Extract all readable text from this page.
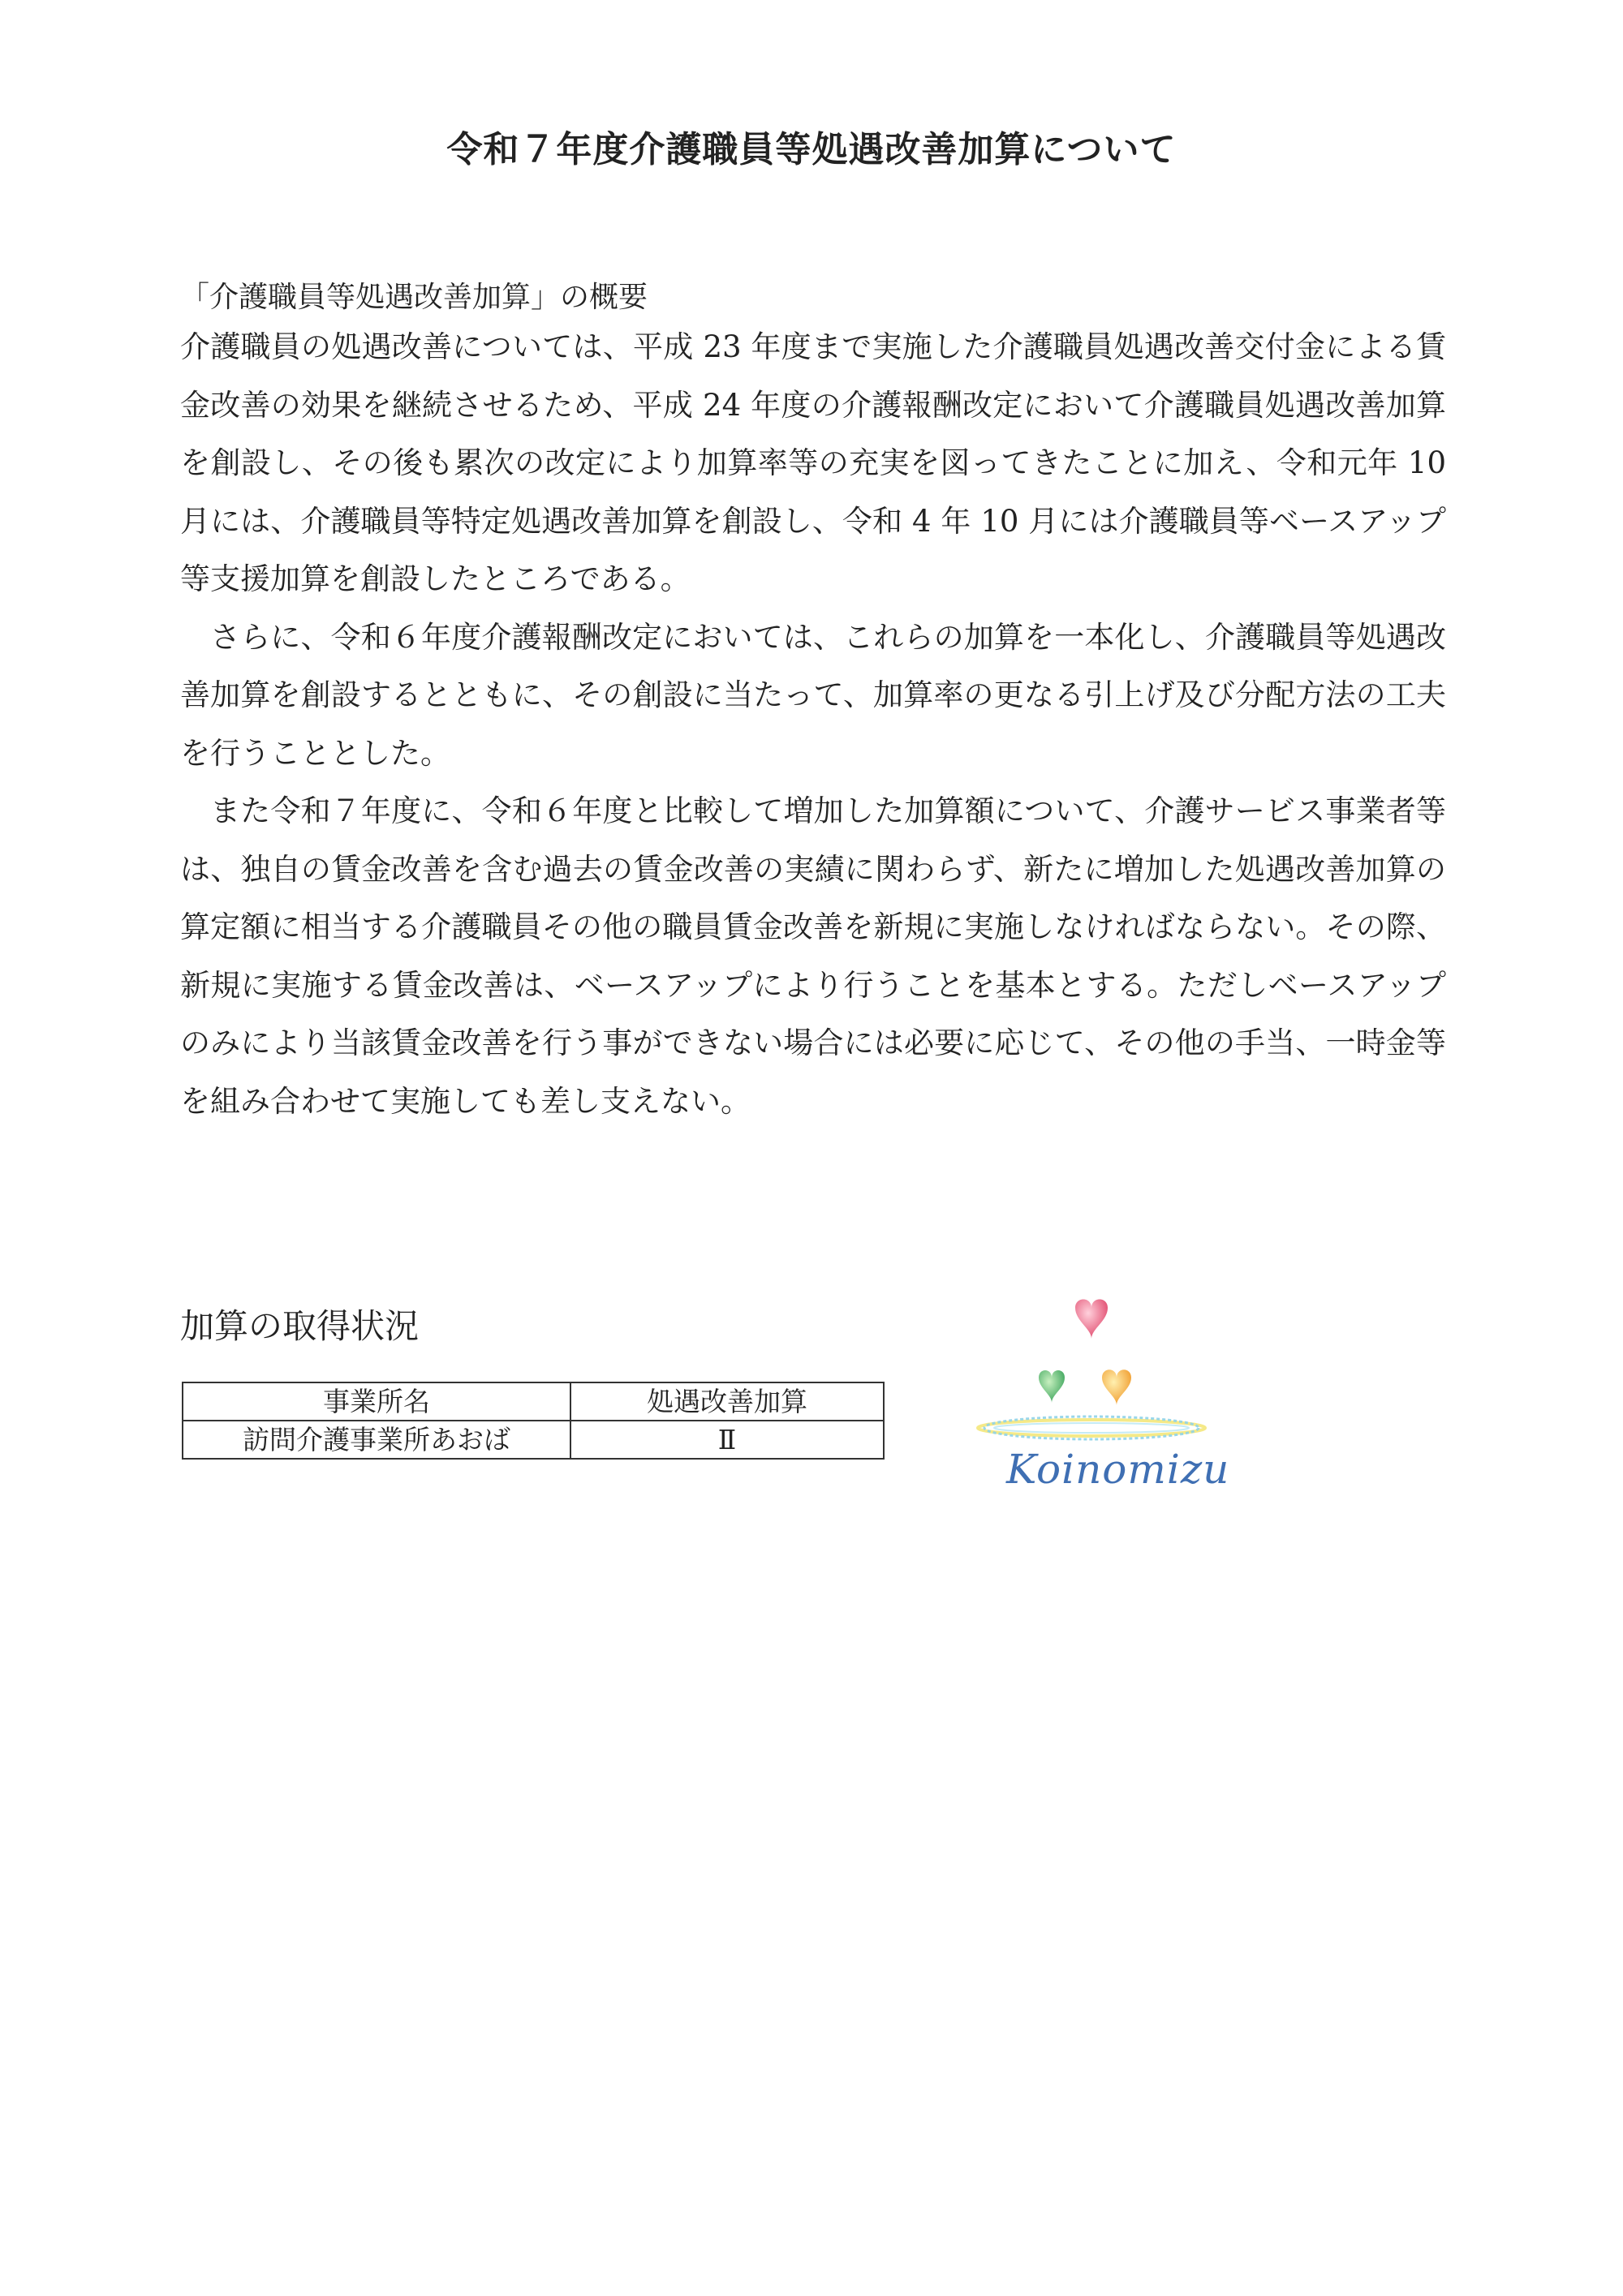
令和７年度介護職員等処遇改善加算について
「介護職員等処遇改善加算」の概要

介護職員の処遇改善については、平成 23 年度まで実施した介護職員処遇改善交付金による賃金改善の効果を継続させるため、平成 24 年度の介護報酬改定において介護職員処遇改善加算を創設し、その後も累次の改定により加算率等の充実を図ってきたことに加え、令和元年 10 月には、介護職員等特定処遇改善加算を創設し、令和 4 年 10 月には介護職員等ベースアップ等支援加算を創設したところである。

さらに、令和６年度介護報酬改定においては、これらの加算を一本化し、介護職員等処遇改善加算を創設するとともに、その創設に当たって、加算率の更なる引上げ及び分配方法の工夫を行うこととした。

また令和７年度に、令和６年度と比較して増加した加算額について、介護サービス事業者等は、独自の賃金改善を含む過去の賃金改善の実績に関わらず、新たに増加した処遇改善加算の算定額に相当する介護職員その他の職員賃金改善を新規に実施しなければならない。その際、新規に実施する賃金改善は、ベースアップにより行うことを基本とする。ただしベースアップのみにより当該賃金改善を行う事ができない場合には必要に応じて、その他の手当、一時金等を組み合わせて実施しても差し支えない。

加算の取得状況
事業所名	処遇改善加算
訪問介護事業所あおば	Ⅱ
Koinomizu
